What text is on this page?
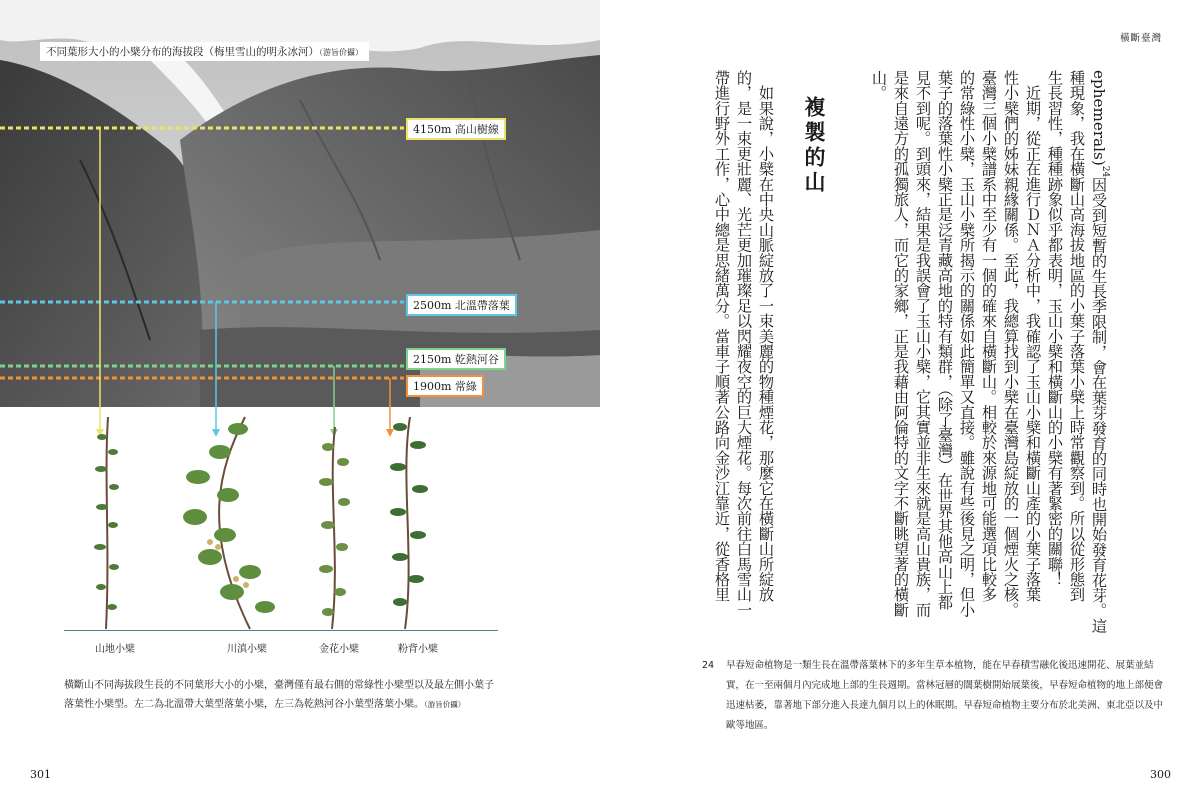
不同葉形大小的小檗分布的海拔段（梅里雪山的明永冰河）（游旨价攝）
4150m 高山樹線
2500m 北溫帶落葉
2150m 乾熱河谷
1900m 常綠
山地小檗	川滇小檗	金花小檗	粉背小檗
橫斷山不同海拔段生長的不同葉形大小的小檗，臺灣僅有最右側的常綠性小檗型以及最左側小葉子
落葉性小檗型。左二為北溫帶大葉型落葉小檗，左三為乾熱河谷小葉型落葉小檗。（游旨价攝）
301
橫斷臺灣
ephemerals)$^{24}$因受到短暫的生長季限制，會在葉芽發育的同時也開始發育花芽。這
種現象，我在橫斷山高海拔地區的小葉子落葉小檗上時常觀察到。所以從形態到
生長習性，種種跡象似乎都表明，玉山小檗和橫斷山的小檗有著緊密的關聯！
　近期，從正在進行ＤＮＡ分析中，我確認了玉山小檗和橫斷山產的小葉子落葉
性小檗們的姊妹親緣關係。至此，我總算找到小檗在臺灣島綻放的一個煙火之核。
臺灣三個小檗譜系中至少有一個的確來自橫斷山。相較於來源地可能選項比較多
的常綠性小檗，玉山小檗所揭示的關係如此簡單又直接。雖說有些後見之明，但小
葉子的落葉性小檗正是泛青藏高地的特有類群，（除了臺灣）在世界其他高山上都
見不到呢。到頭來，結果是我誤會了玉山小檗，它其實並非生來就是高山貴族，而
是來自遠方的孤獨旅人，而它的家鄉，正是我藉由阿倫特的文字不斷眺望著的橫斷
山。
複製的山
　如果說，小檗在中央山脈綻放了一束美麗的物種煙花，那麼它在橫斷山所綻放
的，是一束更壯麗、光芒更加璀璨足以閃耀夜空的巨大煙花。每次前往白馬雪山一
帶進行野外工作，心中總是思緒萬分。當車子順著公路向金沙江靠近，從香格里
24 早春短命植物是一類生長在溫帶落葉林下的多年生草本植物，能在早春積雪融化後迅速開花、展葉並結實，在一至兩個月內完成地上部的生長週期。當林冠層的闊葉樹開始展葉後，早春短命植物的地上部便會迅速枯萎，靠著地下部分進入長達九個月以上的休眠期。早春短命植物主要分布於北美洲、東北亞以及中歐等地區。
300
